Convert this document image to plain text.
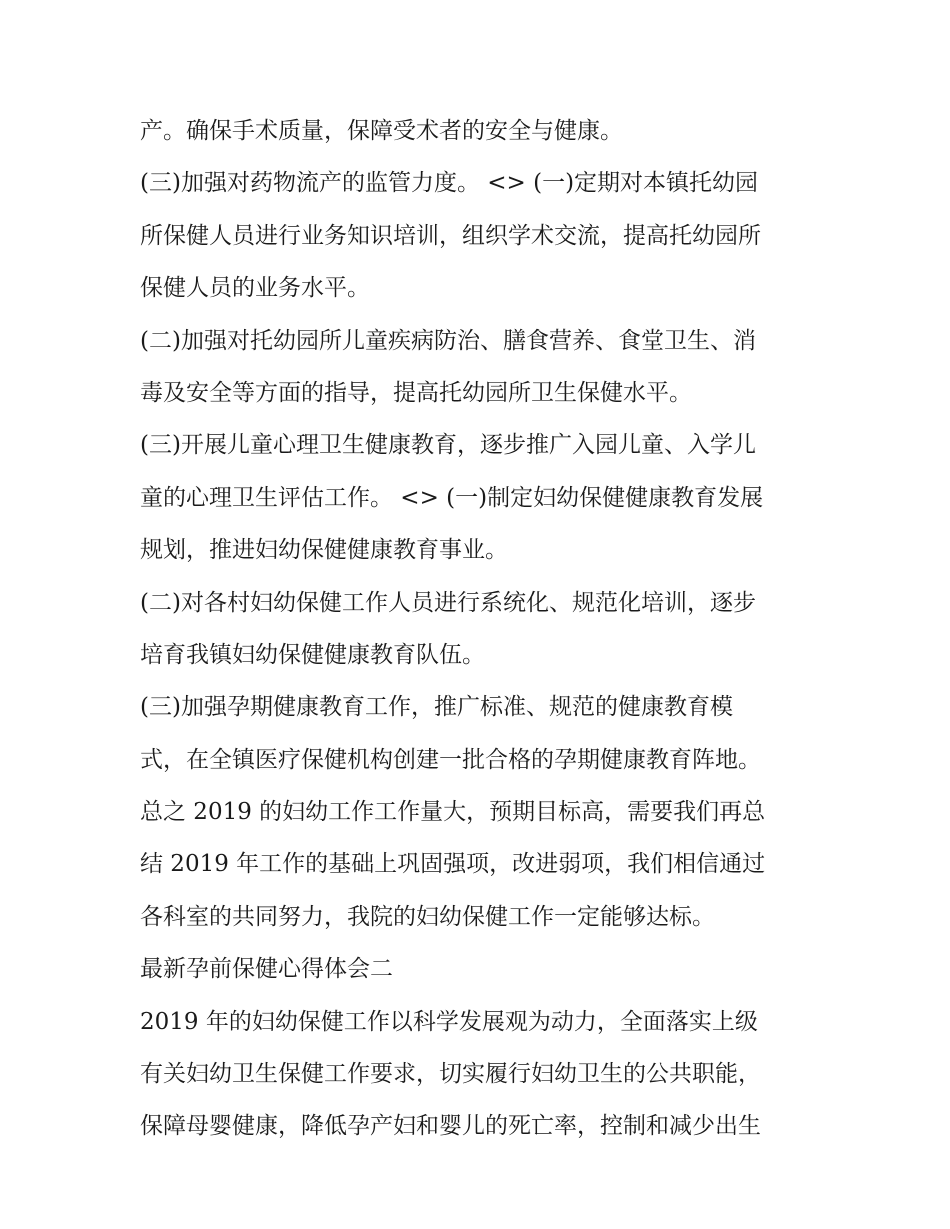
产。确保手术质量，保障受术者的安全与健康。
(三)加强对药物流产的监管力度。 <> (一)定期对本镇托幼园
所保健人员进行业务知识培训，组织学术交流，提高托幼园所
保健人员的业务水平。
(二)加强对托幼园所儿童疾病防治、膳食营养、食堂卫生、消
毒及安全等方面的指导，提高托幼园所卫生保健水平。
(三)开展儿童心理卫生健康教育，逐步推广入园儿童、入学儿
童的心理卫生评估工作。 <> (一)制定妇幼保健健康教育发展
规划，推进妇幼保健健康教育事业。
(二)对各村妇幼保健工作人员进行系统化、规范化培训，逐步
培育我镇妇幼保健健康教育队伍。
(三)加强孕期健康教育工作，推广标准、规范的健康教育模
式，在全镇医疗保健机构创建一批合格的孕期健康教育阵地。
总之 2019 的妇幼工作工作量大，预期目标高，需要我们再总
结 2019 年工作的基础上巩固强项，改进弱项，我们相信通过
各科室的共同努力，我院的妇幼保健工作一定能够达标。
最新孕前保健心得体会二
2019 年的妇幼保健工作以科学发展观为动力，全面落实上级
有关妇幼卫生保健工作要求，切实履行妇幼卫生的公共职能，
保障母婴健康，降低孕产妇和婴儿的死亡率，控制和减少出生
